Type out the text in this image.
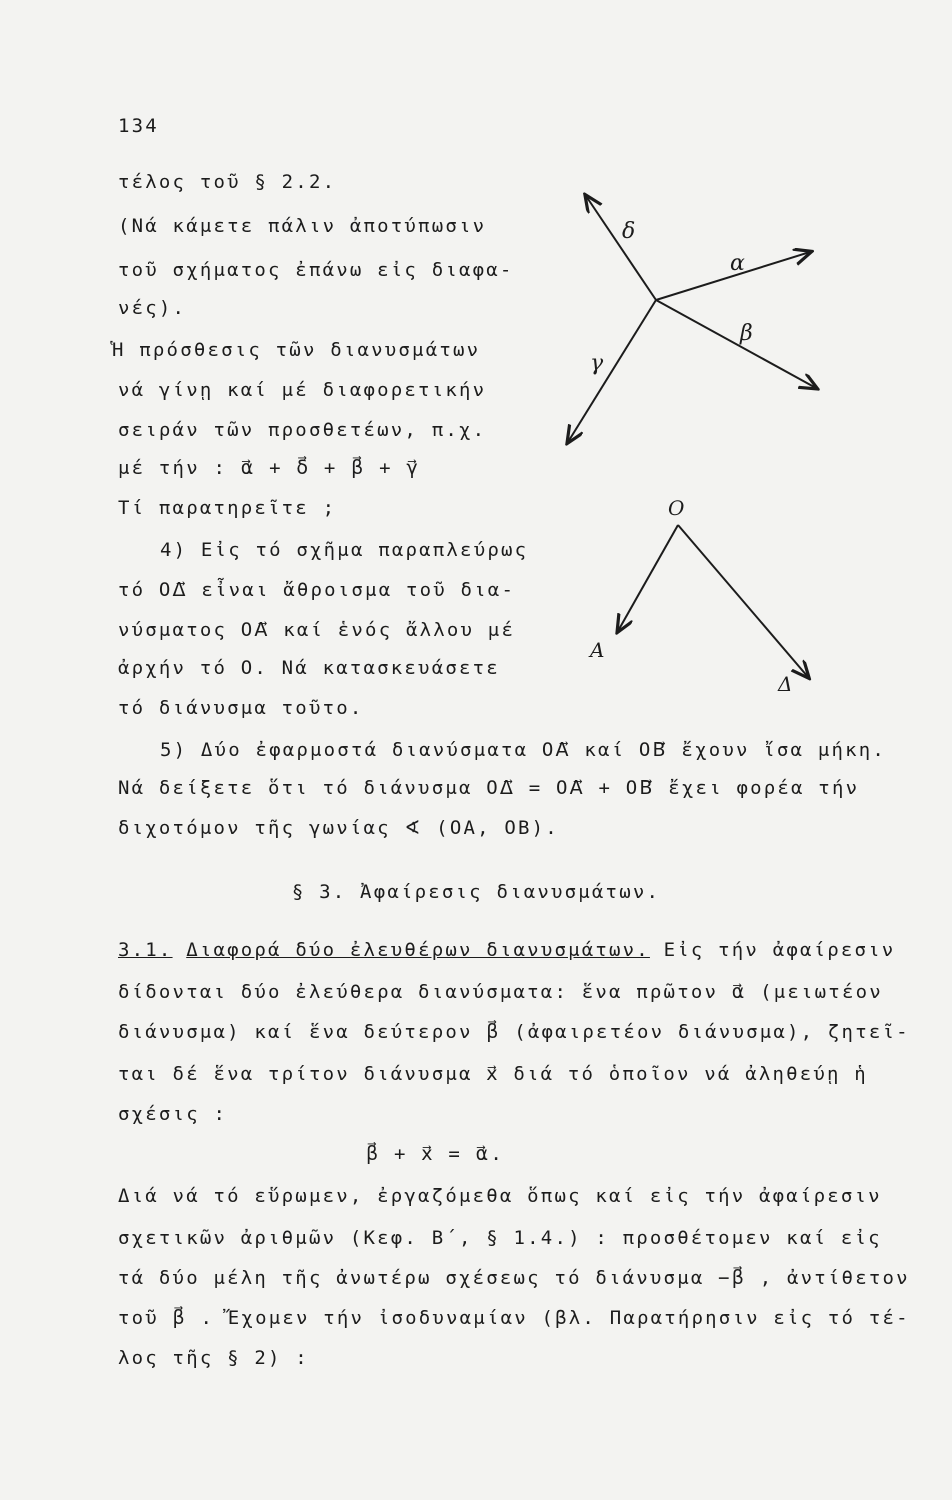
134
τέλος τοῦ § 2.2.
(Νά κάμετε πάλιν ἀποτύπωσιν
τοῦ σχήματος ἐπάνω εἰς διαφα-
νές).
Ἡ πρόσθεσις τῶν διανυσμάτων
νά γίνῃ καί μέ διαφορετικήν
σειράν τῶν προσθετέων, π.χ.
μέ τήν : α⃗ + δ⃗ + β⃗ + γ⃗
Τί παρατηρεῖτε ;
4) Εἰς τό σχῆμα παραπλεύρως
τό ΟΔ⃗ εἶναι ἄθροισμα τοῦ δια-
νύσματος ΟΑ⃗ καί ἑνός ἄλλου μέ
ἀρχήν τό Ο. Νά κατασκευάσετε
τό διάνυσμα τοῦτο.
δ
α
β
γ
O
A
Δ
5) Δύο ἐφαρμοστά διανύσματα ΟΑ⃗ καί ΟΒ⃗ ἔχουν ἴσα μήκη.
Νά δείξετε ὅτι τό διάνυσμα ΟΔ⃗ = ΟΑ⃗ + ΟΒ⃗ ἔχει φορέα τήν
διχοτόμον τῆς γωνίας ∢ (ΟΑ, ΟΒ).
§ 3. Ἀφαίρεσις διανυσμάτων.
3.1. Διαφορά δύο ἐλευθέρων διανυσμάτων. Εἰς τήν ἀφαίρεσιν
δίδονται δύο ἐλεύθερα διανύσματα: ἕνα πρῶτον α⃗ (μειωτέον
διάνυσμα) καί ἕνα δεύτερον β⃗ (ἀφαιρετέον διάνυσμα), ζητεῖ-
ται δέ ἕνα τρίτον διάνυσμα x⃗ διά τό ὁποῖον νά ἀληθεύῃ ἡ
σχέσις :
β⃗ + x⃗ = α⃗.
Διά νά τό εὕρωμεν, ἐργαζόμεθα ὅπως καί εἰς τήν ἀφαίρεσιν
σχετικῶν ἀριθμῶν (Κεφ. Β΄, § 1.4.) : προσθέτομεν καί εἰς
τά δύο μέλη τῆς ἀνωτέρω σχέσεως τό διάνυσμα −β⃗ , ἀντίθετον
τοῦ β⃗ . Ἔχομεν τήν ἰσοδυναμίαν (βλ. Παρατήρησιν εἰς τό τέ-
λος τῆς § 2) :
